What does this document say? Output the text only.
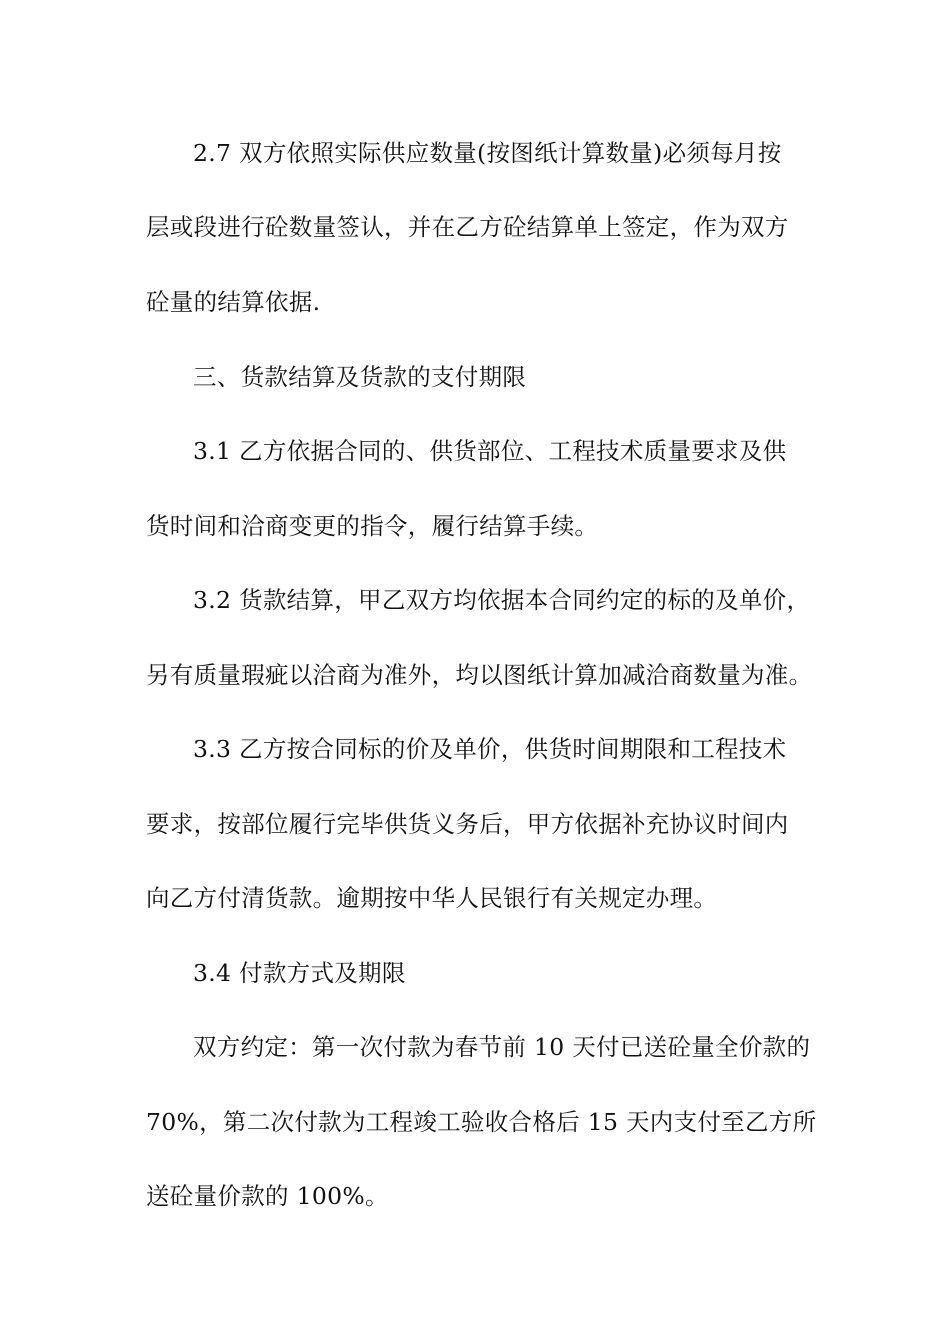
2.7 双方依照实际供应数量(按图纸计算数量)必须每月按
层或段进行砼数量签认，并在乙方砼结算单上签定，作为双方
砼量的结算依据.
三、货款结算及货款的支付期限
3.1 乙方依据合同的、供货部位、工程技术质量要求及供
货时间和洽商变更的指令，履行结算手续。
3.2 货款结算，甲乙双方均依据本合同约定的标的及单价，
另有质量瑕疵以洽商为准外，均以图纸计算加减洽商数量为准。
3.3 乙方按合同标的价及单价，供货时间期限和工程技术
要求，按部位履行完毕供货义务后，甲方依据补充协议时间内
向乙方付清货款。逾期按中华人民银行有关规定办理。
3.4 付款方式及期限
双方约定：第一次付款为春节前 10 天付已送砼量全价款的
70%，第二次付款为工程竣工验收合格后 15 天内支付至乙方所
送砼量价款的 100%。
